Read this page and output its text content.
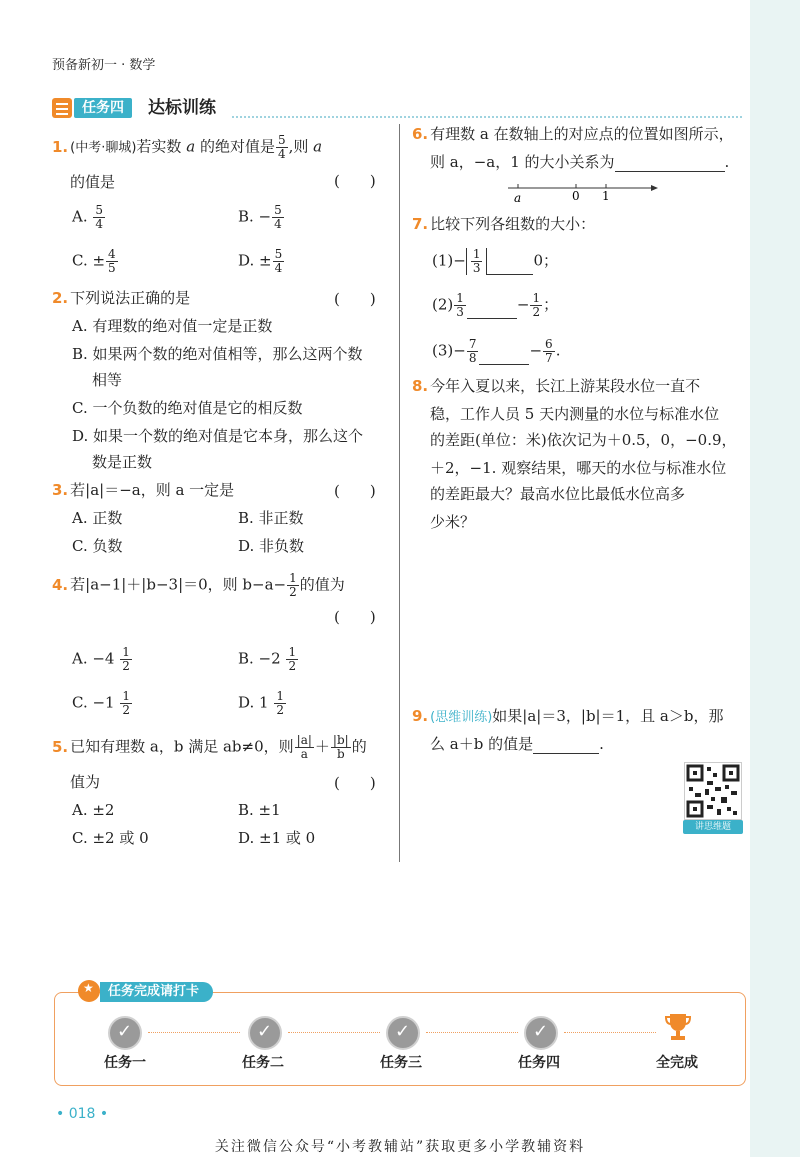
预备新初一 · 数学
任务四	达标训练
1. (中考·聊城)若实数 a 的绝对值是 $\frac{5}{4}$ ,则 a
的值是	(　　)
A. $\frac{5}{4}$	B. − $\frac{5}{4}$
C. ± $\frac{4}{5}$	D. ± $\frac{5}{4}$
2. 下列说法正确的是	(　　)
A. 有理数的绝对值一定是正数
B. 如果两个数的绝对值相等，那么这两个数
相等
C. 一个负数的绝对值是它的相反数
D. 如果一个数的绝对值是它本身，那么这个
数是正数
3. 若|a|＝−a，则 a 一定是	(　　)
A. 正数	B. 非正数
C. 负数	D. 非负数
4. 若|a−1|＋|b−3|＝0，则 $b-a- \frac{1}{2}$ 的值为
(　　)
A. $-4 \frac{1}{2}$	B. $-2 \frac{1}{2}$
C. $-1 \frac{1}{2}$	D. $1 \frac{1}{2}$
5. 已知有理数 a，b 满足 ab≠0，则 $\frac{|a|}{a} + \frac{|b|}{b}$ 的
值为	(　　)
A. ±2	B. ±1
C. ±2 或 0	D. ±1 或 0
6. 有理数 a 在数轴上的对应点的位置如图所示，
则 a，−a，1 的大小关系为	.
a	0 1
7. 比较下列各组数的大小：
$(1)- \frac{1}{3}$	0；
$(2) \frac{1}{3}$	− $\frac{1}{2}$ ；
$(3)- \frac{7}{8}$	− $\frac{6}{7}$ .
8. 今年入夏以来，长江上游某段水位一直不
稳，工作人员 5 天内测量的水位与标准水位
的差距(单位：米)依次记为＋0.5，0，−0.9，
＋2，−1. 观察结果，哪天的水位与标准水位
的差距最大？最高水位比最低水位高多
少米？
9. (思维训练)如果|a|＝3，|b|＝1，且 a＞b，那
么 a＋b 的值是	.
讲思维题
★
任务完成请打卡
✓
✓
✓
✓
任务一	任务二	任务三	任务四	全完成
• 018 •
关注微信公众号“小考教辅站”获取更多小学教辅资料
